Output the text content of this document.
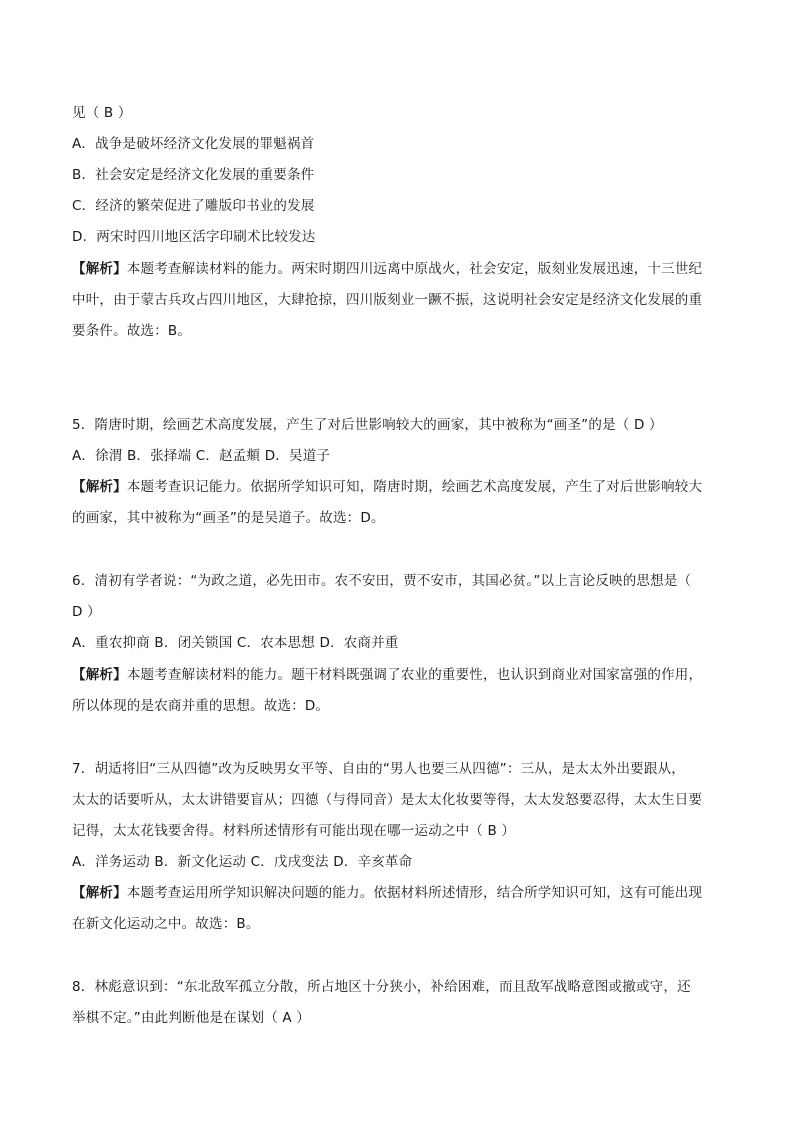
见（ B ）
A．战争是破坏经济文化发展的罪魁祸首
B．社会安定是经济文化发展的重要条件
C．经济的繁荣促进了雕版印书业的发展
D．两宋时四川地区活字印刷术比较发达
【解析】本题考查解读材料的能力。两宋时期四川远离中原战火，社会安定，版刻业发展迅速，十三世纪
中叶，由于蒙古兵攻占四川地区，大肆抢掠，四川版刻业一蹶不振，这说明社会安定是经济文化发展的重
要条件。故选：B。
5．隋唐时期，绘画艺术高度发展，产生了对后世影响较大的画家，其中被称为“画圣”的是（ D ）
A．徐渭 B．张择端 C．赵孟頫 D．吴道子
【解析】本题考查识记能力。依据所学知识可知，隋唐时期，绘画艺术高度发展，产生了对后世影响较大
的画家，其中被称为“画圣”的是吴道子。故选：D。
6．清初有学者说：“为政之道，必先田市。农不安田，贾不安市，其国必贫。”以上言论反映的思想是（
D ）
A．重农抑商 B．闭关锁国 C．农本思想 D．农商并重
【解析】本题考查解读材料的能力。题干材料既强调了农业的重要性，也认识到商业对国家富强的作用，
所以体现的是农商并重的思想。故选：D。
7．胡适将旧“三从四德”改为反映男女平等、自由的“男人也要三从四德”：三从，是太太外出要跟从，
太太的话要听从，太太讲错要盲从；四德（与得同音）是太太化妆要等得，太太发怒要忍得，太太生日要
记得，太太花钱要舍得。材料所述情形有可能出现在哪一运动之中（ B ）
A．洋务运动 B．新文化运动 C．戊戌变法 D．辛亥革命
【解析】本题考查运用所学知识解决问题的能力。依据材料所述情形，结合所学知识可知，这有可能出现
在新文化运动之中。故选：B。
8．林彪意识到：“东北敌军孤立分散，所占地区十分狭小，补给困难，而且敌军战略意图或撤或守，还
举棋不定。”由此判断他是在谋划（ A ）
